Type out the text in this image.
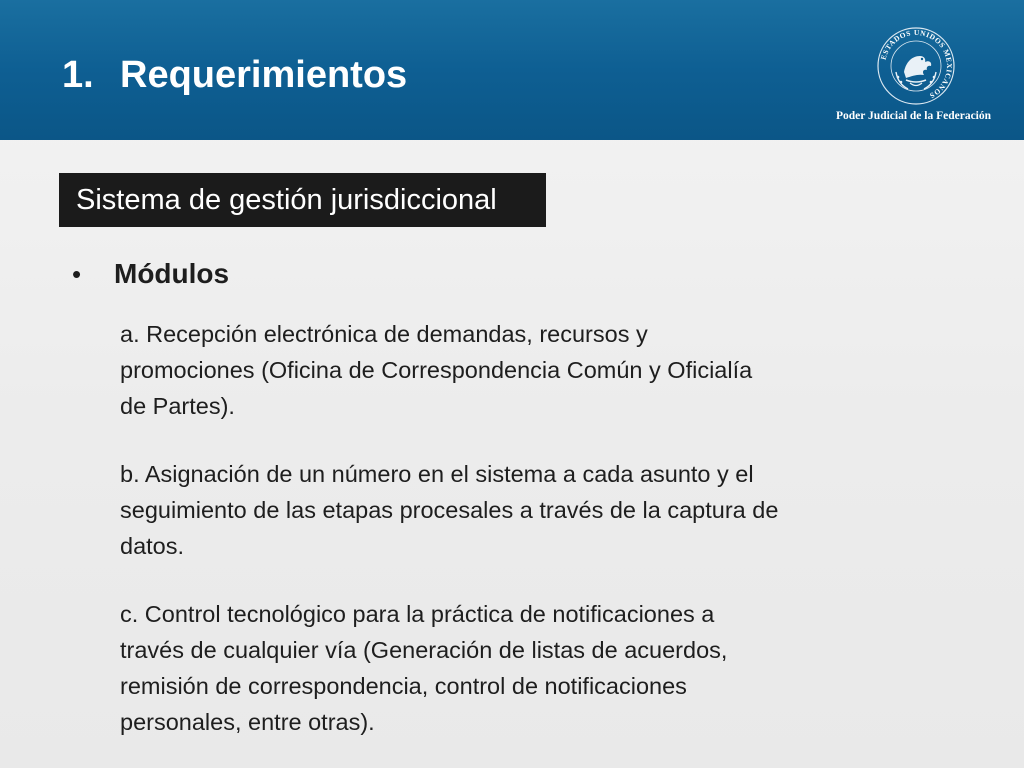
1. Requerimientos	ESTADOS UNIDOS MEXICANOS
Poder Judicial de la Federación
Sistema de gestión jurisdiccional
• Módulos

a. Recepción electrónica de demandas, recursos y
promociones (Oficina de Correspondencia Común y Oficialía
de Partes).

b. Asignación de un número en el sistema a cada asunto y el
seguimiento de las etapas procesales a través de la captura de
datos.

c. Control tecnológico para la práctica de notificaciones a
través de cualquier vía (Generación de listas de acuerdos,
remisión de correspondencia, control de notificaciones
personales, entre otras).
